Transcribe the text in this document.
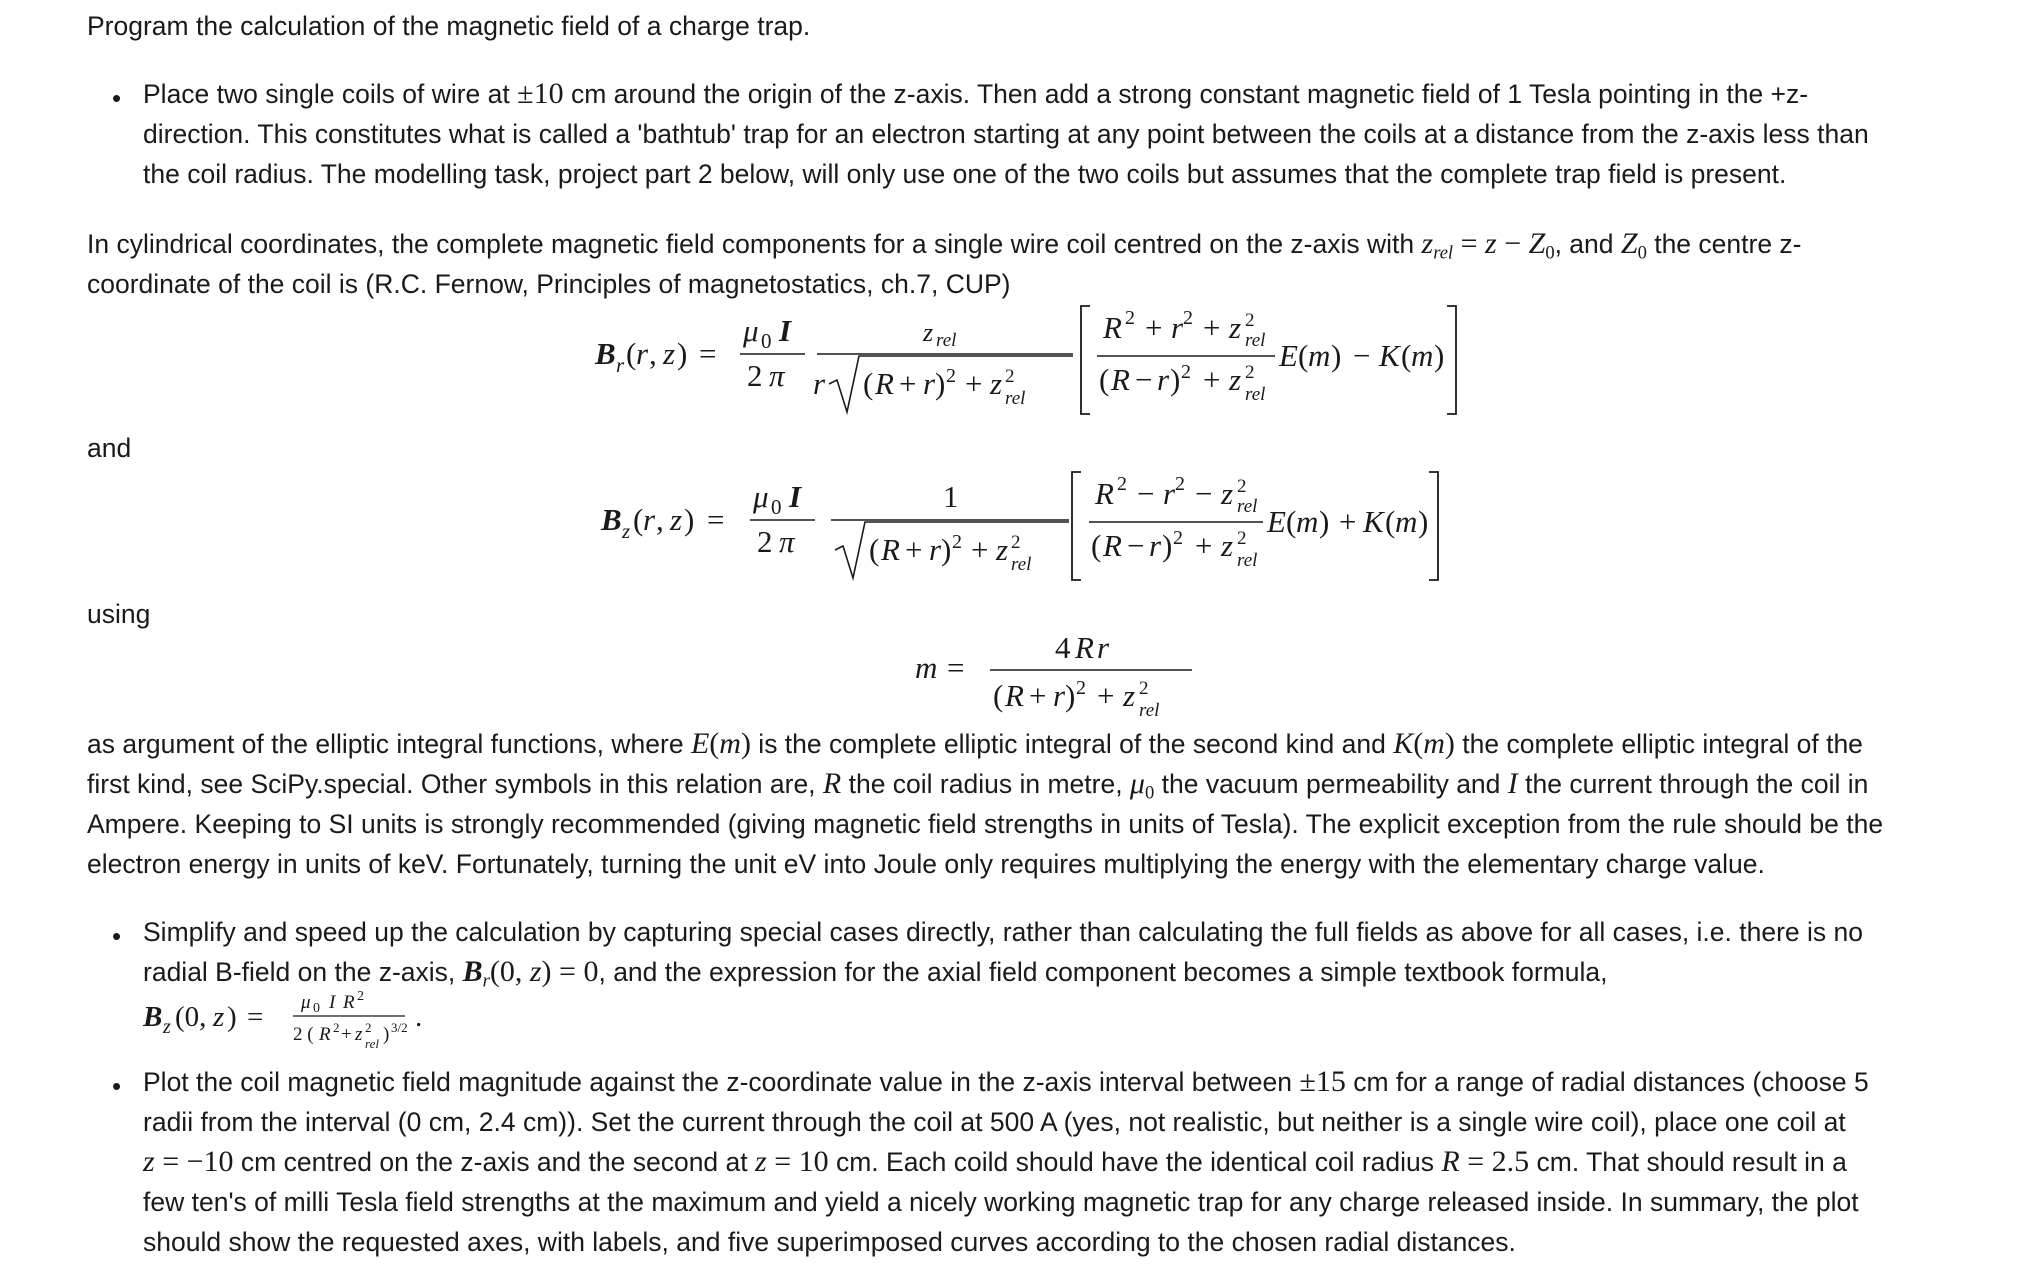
Program the calculation of the magnetic field of a charge trap.

• Place two single coils of wire at ±10 cm around the origin of the z-axis. Then add a strong constant magnetic field of 1 Tesla pointing in the +z-

direction. This constitutes what is called a 'bathtub' trap for an electron starting at any point between the coils at a distance from the z-axis less than

the coil radius. The modelling task, project part 2 below, will only use one of the two coils but assumes that the complete trap field is present.

In cylindrical coordinates, the complete magnetic field components for a single wire coil centred on the z-axis with $z_{rel} = z - Z_0$, and $Z_0$ the centre z-

coordinate of the coil is (R.C. Fernow, Principles of magnetostatics, ch.7, CUP)

B r ( r , z ) =
μ 0 I
2 π
z rel
r ( R + r ) 2 + z 2
rel
R 2 + r 2 + z 2
rel
( R − r ) 2 + z 2
rel
E ( m ) − K ( m )

and

B z ( r , z ) =
μ 0 I
2 π
1
( R + r ) 2 + z 2
rel
R 2 − r 2 − z 2
rel
( R − r ) 2 + z 2
rel
E ( m ) + K ( m )

using

m =
4 R r
( R + r ) 2 + z 2
rel

as argument of the elliptic integral functions, where E(m) is the complete elliptic integral of the second kind and K(m) the complete elliptic integral of the

first kind, see SciPy.special. Other symbols in this relation are, R the coil radius in metre, $\mu_0$ the vacuum permeability and I the current through the coil in

Ampere. Keeping to SI units is strongly recommended (giving magnetic field strengths in units of Tesla). The explicit exception from the rule should be the

electron energy in units of keV. Fortunately, turning the unit eV into Joule only requires multiplying the energy with the elementary charge value.

• Simplify and speed up the calculation by capturing special cases directly, rather than calculating the full fields as above for all cases, i.e. there is no

radial B-field on the z-axis, $B_r(0$, z) = 0, and the expression for the axial field component becomes a simple textbook formula,

B z (0, z ) = μ 0 I R 2
2 ( R 2 + z 2
rel ) 3/2 .
• Plot the coil magnetic field magnitude against the z-coordinate value in the z-axis interval between ±15 cm for a range of radial distances (choose 5

radii from the interval (0 cm, 2.4 cm)). Set the current through the coil at 500 A (yes, not realistic, but neither is a single wire coil), place one coil at

z = −10 cm centred on the z-axis and the second at z = 10 cm. Each coild should have the identical coil radius R = 2.5 cm. That should result in a

few ten's of milli Tesla field strengths at the maximum and yield a nicely working magnetic trap for any charge released inside. In summary, the plot

should show the requested axes, with labels, and five superimposed curves according to the chosen radial distances.
